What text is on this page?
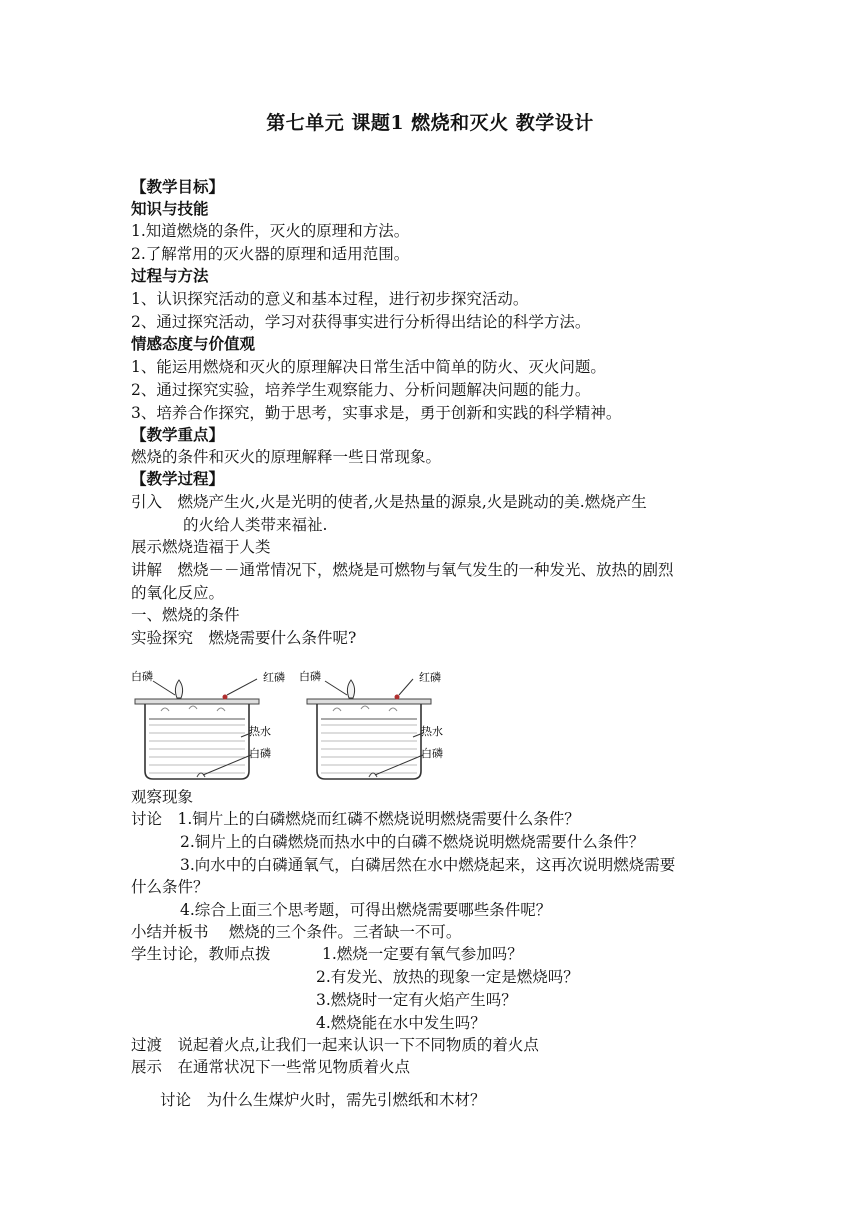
第七单元 课题1 燃烧和灭火 教学设计
【教学目标】
知识与技能
1.知道燃烧的条件，灭火的原理和方法。
2.了解常用的灭火器的原理和适用范围。
过程与方法
1、认识探究活动的意义和基本过程，进行初步探究活动。
2、通过探究活动，学习对获得事实进行分析得出结论的科学方法。
情感态度与价值观
1、能运用燃烧和灭火的原理解决日常生活中简单的防火、灭火问题。
2、通过探究实验，培养学生观察能力、分析问题解决问题的能力。
3、培养合作探究，勤于思考，实事求是，勇于创新和实践的科学精神。
【教学重点】
燃烧的条件和灭火的原理解释一些日常现象。
【教学过程】
引入　燃烧产生火,火是光明的使者,火是热量的源泉,火是跳动的美.燃烧产生
的火给人类带来福祉.
展示燃烧造福于人类
讲解　燃烧－－通常情况下，燃烧是可燃物与氧气发生的一种发光、放热的剧烈
的氧化反应。
一、燃烧的条件
实验探究　燃烧需要什么条件呢?
白磷	红磷
热水
白磷
白磷	红磷
热水
白磷
观察现象
讨论　1.铜片上的白磷燃烧而红磷不燃烧说明燃烧需要什么条件？
2.铜片上的白磷燃烧而热水中的白磷不燃烧说明燃烧需要什么条件？
3.向水中的白磷通氧气，白磷居然在水中燃烧起来，这再次说明燃烧需要
什么条件？
4.综合上面三个思考题，可得出燃烧需要哪些条件呢？
小结并板书　 燃烧的三个条件。三者缺一不可。
学生讨论，教师点拨	1.燃烧一定要有氧气参加吗？
2.有发光、放热的现象一定是燃烧吗？
3.燃烧时一定有火焰产生吗？
4.燃烧能在水中发生吗？
过渡　说起着火点,让我们一起来认识一下不同物质的着火点
展示　在通常状况下一些常见物质着火点
讨论　为什么生煤炉火时，需先引燃纸和木材？
